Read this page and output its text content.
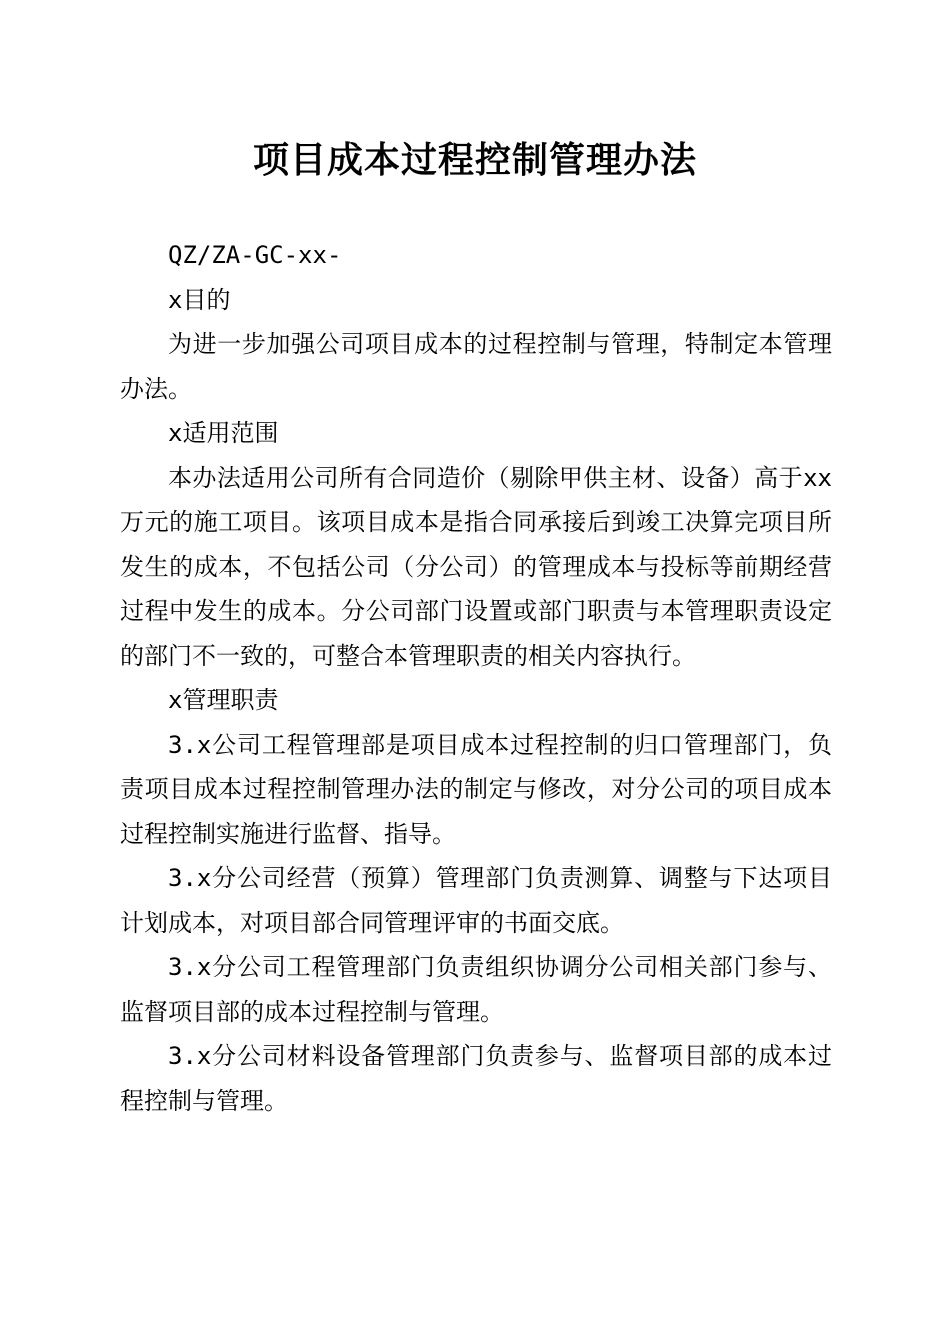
项目成本过程控制管理办法

QZ/ZA-GC-xx-

x目的

为进一步加强公司项目成本的过程控制与管理，特制定本管理办法。

x适用范围

本办法适用公司所有合同造价（剔除甲供主材、设备）高于xx万元的施工项目。该项目成本是指合同承接后到竣工决算完项目所发生的成本，不包括公司（分公司）的管理成本与投标等前期经营过程中发生的成本。分公司部门设置或部门职责与本管理职责设定的部门不一致的，可整合本管理职责的相关内容执行。

x管理职责

3.x公司工程管理部是项目成本过程控制的归口管理部门，负责项目成本过程控制管理办法的制定与修改，对分公司的项目成本过程控制实施进行监督、指导。

3.x分公司经营（预算）管理部门负责测算、调整与下达项目计划成本，对项目部合同管理评审的书面交底。

3.x分公司工程管理部门负责组织协调分公司相关部门参与、监督项目部的成本过程控制与管理。

3.x分公司材料设备管理部门负责参与、监督项目部的成本过程控制与管理。
